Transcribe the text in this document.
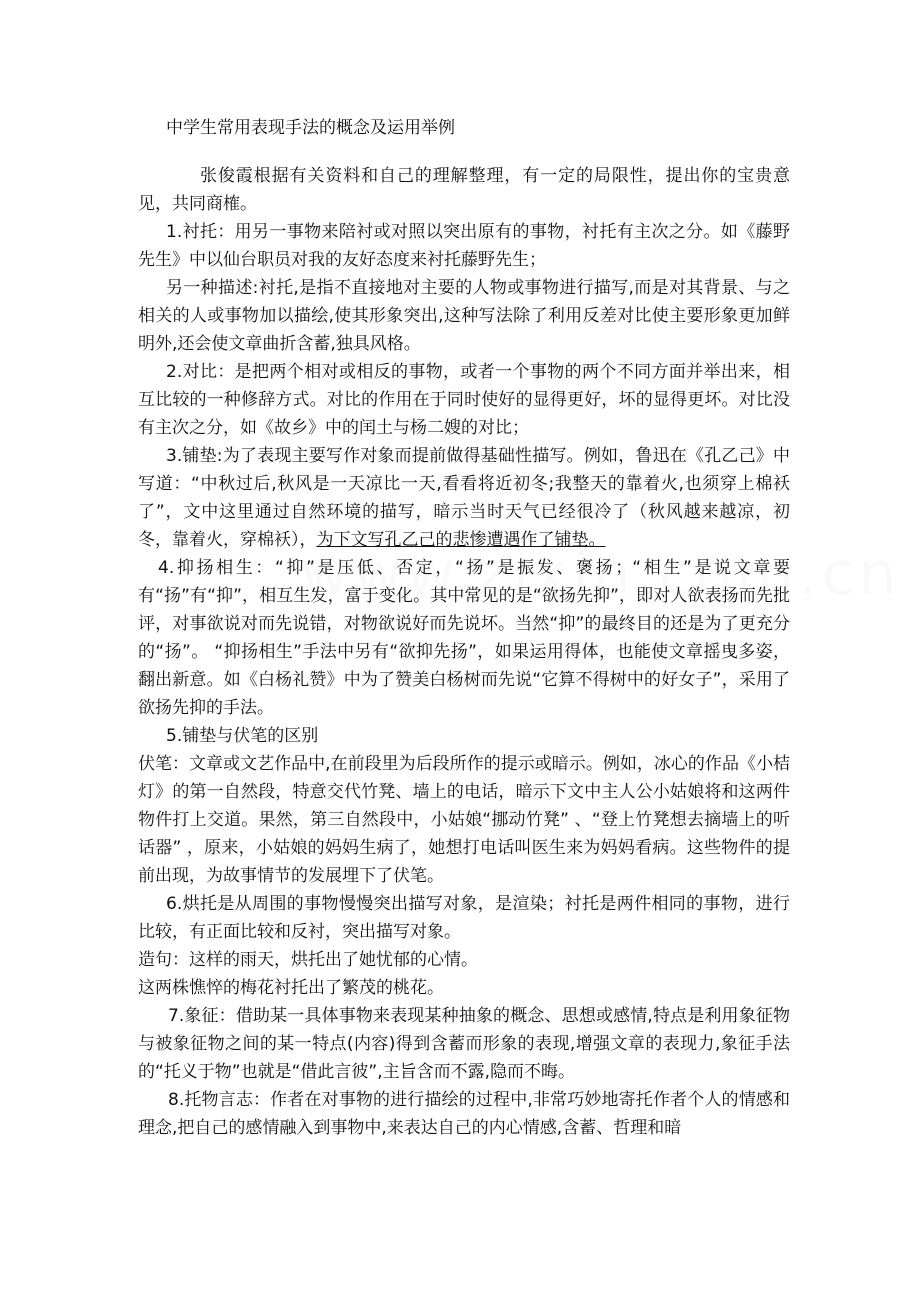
中学生常用表现手法的概念及运用举例

张俊霞根据有关资料和自己的理解整理，有一定的局限性，提出你的宝贵意见，共同商榷。

1.衬托：用另一事物来陪衬或对照以突出原有的事物，衬托有主次之分。如《藤野先生》中以仙台职员对我的友好态度来衬托藤野先生；

另一种描述:衬托,是指不直接地对主要的人物或事物进行描写,而是对其背景、与之相关的人或事物加以描绘,使其形象突出,这种写法除了利用反差对比使主要形象更加鲜明外,还会使文章曲折含蓄,独具风格。

2.对比：是把两个相对或相反的事物，或者一个事物的两个不同方面并举出来，相互比较的一种修辞方式。对比的作用在于同时使好的显得更好，坏的显得更坏。对比没有主次之分，如《故乡》中的闰土与杨二嫂的对比；

3.铺垫:为了表现主要写作对象而提前做得基础性描写。例如，鲁迅在《孔乙己》中写道：“中秋过后,秋风是一天凉比一天,看看将近初冬;我整天的靠着火,也须穿上棉袄了”，文中这里通过自然环境的描写，暗示当时天气已经很冷了（秋风越来越凉，初冬，靠着火，穿棉袄），为下文写孔乙己的悲惨遭遇作了铺垫。

4.抑扬相生：“抑”是压低、否定，“扬”是振发、褒扬；“相生”是说文章要有“扬”有“抑”，相互生发，富于变化。其中常见的是“欲扬先抑”，即对人欲表扬而先批评，对事欲说对而先说错，对物欲说好而先说坏。当然“抑”的最终目的还是为了更充分的“扬”。 “抑扬相生”手法中另有“欲抑先扬”，如果运用得体，也能使文章摇曳多姿，翻出新意。如《白杨礼赞》中为了赞美白杨树而先说“它算不得树中的好女子”，采用了欲扬先抑的手法。

5.铺垫与伏笔的区别

伏笔：文章或文艺作品中,在前段里为后段所作的提示或暗示。例如，冰心的作品《小桔灯》的第一自然段，特意交代竹凳、墙上的电话，暗示下文中主人公小姑娘将和这两件物件打上交道。果然，第三自然段中，小姑娘“挪动竹凳” 、“登上竹凳想去摘墙上的听话器” ，原来，小姑娘的妈妈生病了，她想打电话叫医生来为妈妈看病。这些物件的提前出现，为故事情节的发展埋下了伏笔。

6.烘托是从周围的事物慢慢突出描写对象，是渲染；衬托是两件相同的事物，进行比较，有正面比较和反衬，突出描写对象。

造句：这样的雨天，烘托出了她忧郁的心情。

这两株憔悴的梅花衬托出了繁茂的桃花。

7.象征：借助某一具体事物来表现某种抽象的概念、思想或感情,特点是利用象征物与被象征物之间的某一特点(内容)得到含蓄而形象的表现,增强文章的表现力,象征手法的“托义于物”也就是“借此言彼”,主旨含而不露,隐而不晦。

8.托物言志：作者在对事物的进行描绘的过程中,非常巧妙地寄托作者个人的情感和理念,把自己的感情融入到事物中,来表达自己的内心情感,含蓄、哲理和暗
